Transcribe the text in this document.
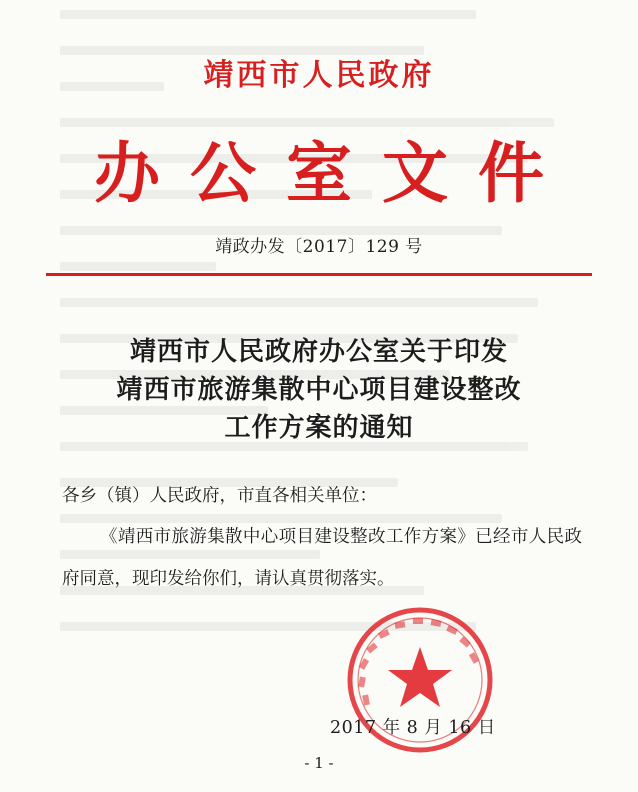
靖西市人民政府
办公室文件
靖政办发〔2017〕129 号
靖西市人民政府办公室关于印发
靖西市旅游集散中心项目建设整改
工作方案的通知
各乡（镇）人民政府，市直各相关单位：
《靖西市旅游集散中心项目建设整改工作方案》已经市人民政府同意，现印发给你们，请认真贯彻落实。
2017 年 8 月 16 日
- 1 -
